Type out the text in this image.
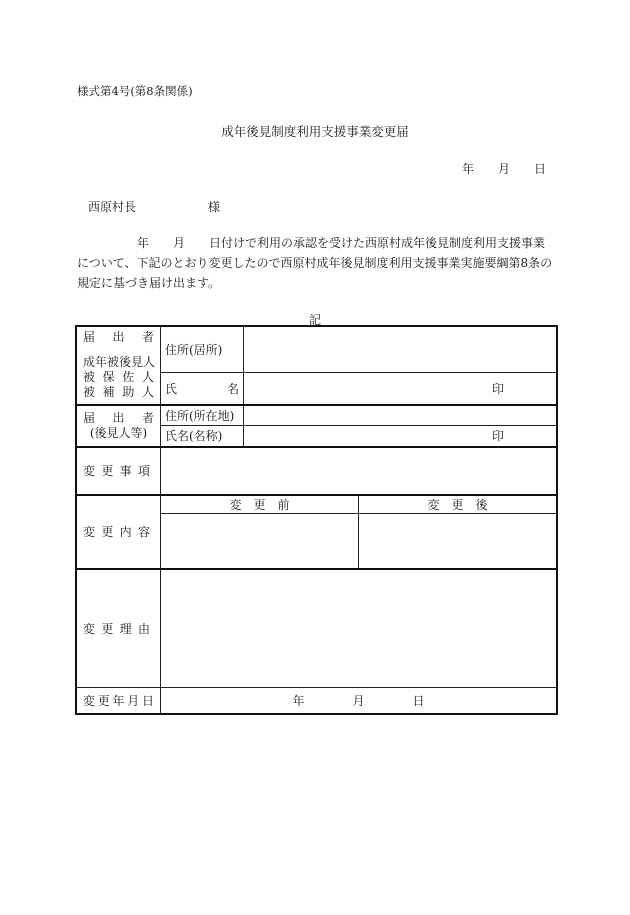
様式第4号(第8条関係)
成年後見制度利用支援事業変更届
年　　月　　日
西原村長　　　　　　様
　　　　　年　　月　　日付けで利用の承認を受けた西原村成年後見制度利用支援事業について、下記のとおり変更したので西原村成年後見制度利用支援事業実施要綱第8条の規定に基づき届け出ます。
記
届　出　者
成年被後見人
被保佐人
被補助人	住所(居所)		

	氏　　　名	印	

届　出　者
(後見人等)	住所(所在地)		
	氏名(名称)	印	

変更事項			

変更内容	変　更　前		変　更　後

変更理由			

変更年月日	年　　　　月　　　　日		
